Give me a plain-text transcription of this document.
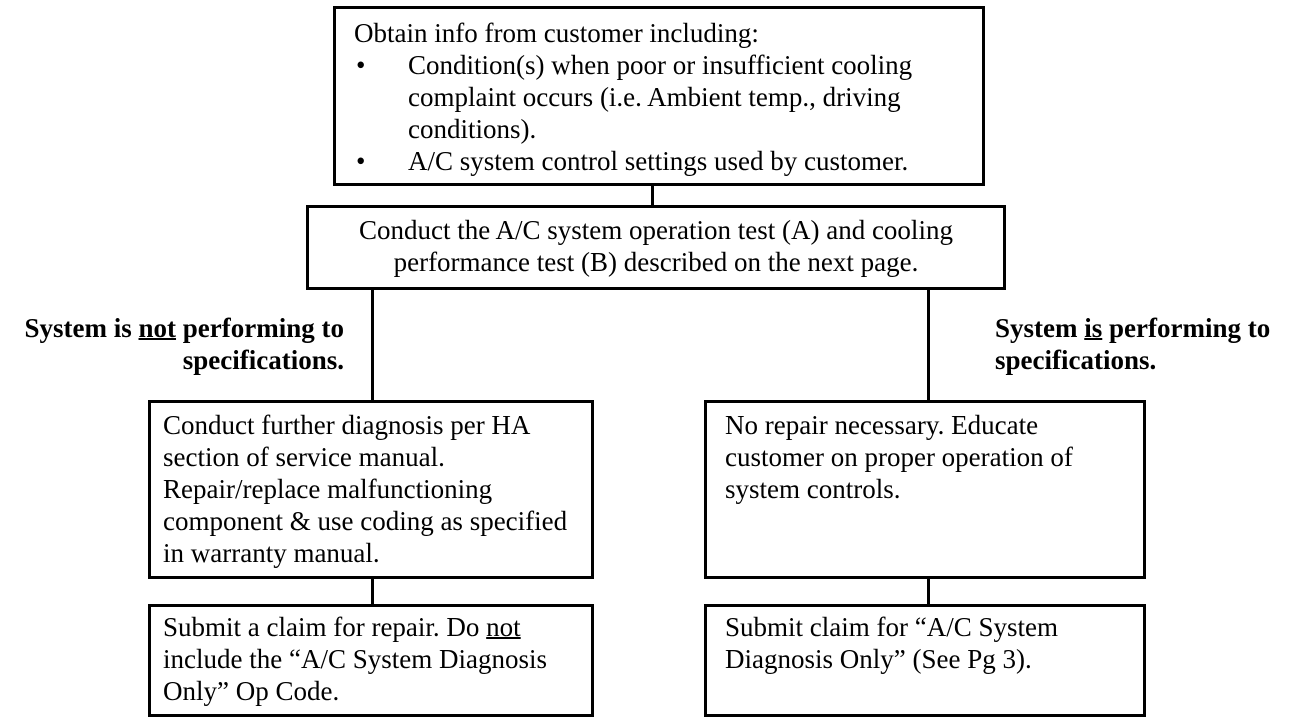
Obtain info from customer including:
•	Condition(s) when poor or insufficient cooling complaint occurs (i.e. Ambient temp., driving conditions).
•	A/C system control settings used by customer.
Conduct the A/C system operation test (A) and cooling performance test (B) described on the next page.
System is not performing to specifications.
System is performing to specifications.
Conduct further diagnosis per HA section of service manual. Repair/replace malfunctioning component & use coding as specified in warranty manual.
No repair necessary. Educate customer on proper operation of system controls.
Submit a claim for repair. Do not include the “A/C System Diagnosis Only” Op Code.
Submit claim for “A/C System Diagnosis Only” (See Pg 3).
